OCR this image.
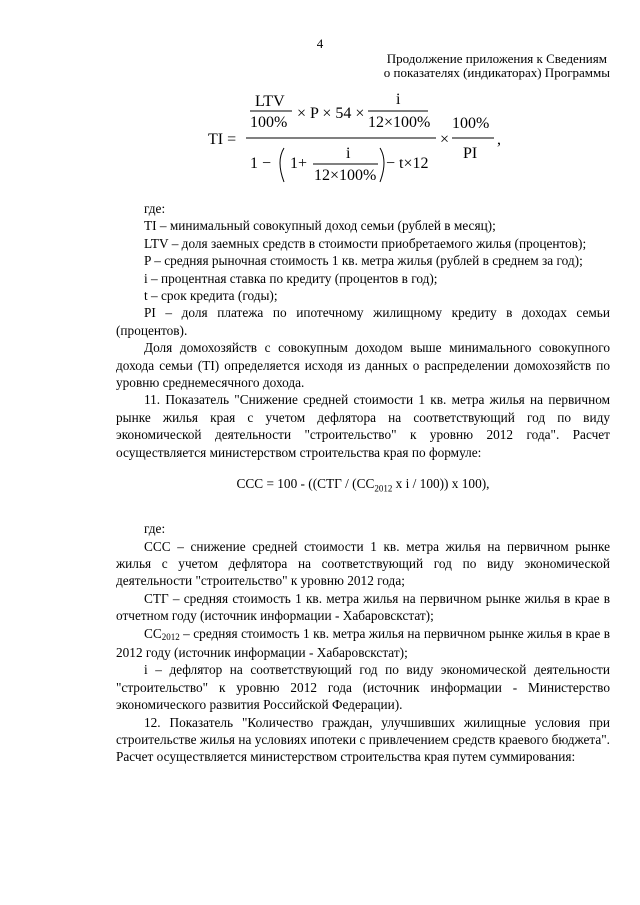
4
Продолжение приложения к Сведениям
о показателях (индикаторах) Программы
TI =
LTV
100%
× P × 54 ×
i
12×100%
1 − 1+
i
12×100%
− t×12
×
100%
PI
,

где:

TI – минимальный совокупный доход семьи (рублей в месяц);

LTV – доля заемных средств в стоимости приобретаемого жилья (процентов);

P – средняя рыночная стоимость 1 кв. метра жилья (рублей в среднем за год);

i – процентная ставка по кредиту (процентов в год);

t – срок кредита (годы);

PI – доля платежа по ипотечному жилищному кредиту в доходах семьи (процентов).

Доля домохозяйств с совокупным доходом выше минимального совокупного дохода семьи (TI) определяется исходя из данных о распределении домохозяйств по уровню среднемесячного дохода.

11. Показатель "Снижение средней стоимости 1 кв. метра жилья на первичном рынке жилья края с учетом дефлятора на соответствующий год по виду экономической деятельности "строительство" к уровню 2012 года". Расчет осуществляется министерством строительства края по формуле:

ССС = $100 - ((СТГ / (СС_{2012}$ x i / 100)) x 100),

где:

ССС – снижение средней стоимости 1 кв. метра жилья на первичном рынке жилья с учетом дефлятора на соответствующий год по виду экономической деятельности "строительство" к уровню 2012 года;

СТГ – средняя стоимость 1 кв. метра жилья на первичном рынке жилья в крае в отчетном году (источник информации - Хабаровскстат);

СС2012 – средняя стоимость 1 кв. метра жилья на первичном рынке жилья в крае в 2012 году (источник информации - Хабаровскстат);

i – дефлятор на соответствующий год по виду экономической деятельности "строительство" к уровню 2012 года (источник информации - Министерство экономического развития Российской Федерации).

12. Показатель "Количество граждан, улучшивших жилищные условия при строительстве жилья на условиях ипотеки с привлечением средств краевого бюджета". Расчет осуществляется министерством строительства края путем суммирования:
